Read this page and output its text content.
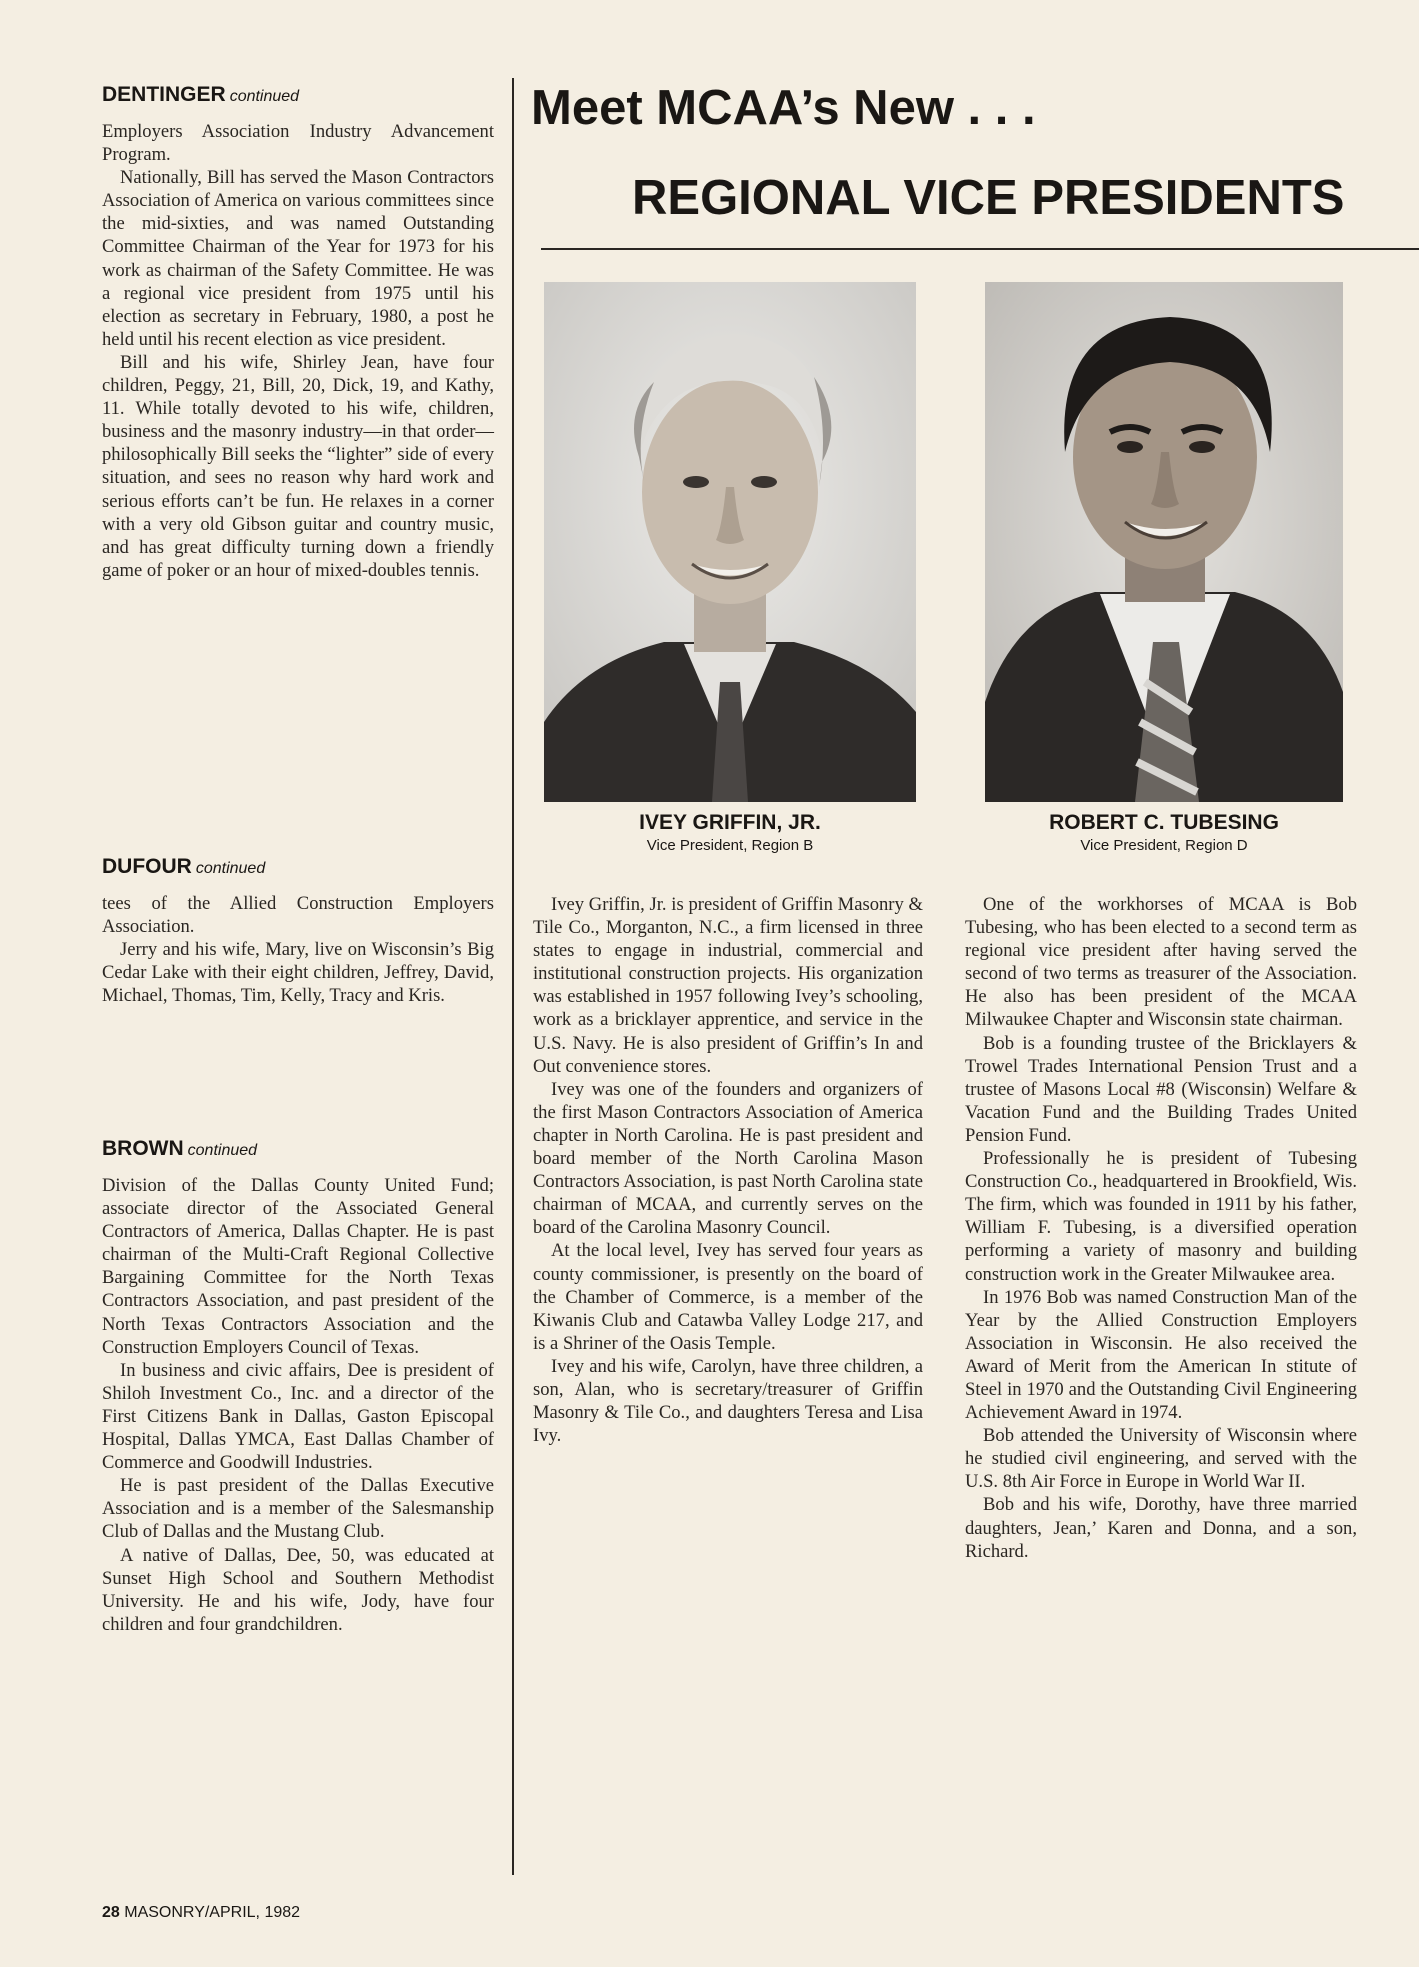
DENTINGER continued

Employers Association Industry Advancement Program.

Nationally, Bill has served the Mason Contractors Association of America on various committees since the mid-sixties, and was named Outstanding Committee Chairman of the Year for 1973 for his work as chairman of the Safety Committee. He was a regional vice president from 1975 until his election as secretary in February, 1980, a post he held until his recent election as vice president.

Bill and his wife, Shirley Jean, have four children, Peggy, 21, Bill, 20, Dick, 19, and Kathy, 11. While totally devoted to his wife, children, business and the masonry industry—in that order—philosophically Bill seeks the “lighter” side of every situation, and sees no reason why hard work and serious efforts can’t be fun. He relaxes in a corner with a very old Gibson guitar and country music, and has great difficulty turning down a friendly game of poker or an hour of mixed-doubles tennis.

DUFOUR continued

tees of the Allied Construction Employers Association.

Jerry and his wife, Mary, live on Wisconsin’s Big Cedar Lake with their eight children, Jeffrey, David, Michael, Thomas, Tim, Kelly, Tracy and Kris.

BROWN continued

Division of the Dallas County United Fund; associate director of the Associated General Contractors of America, Dallas Chapter. He is past chairman of the Multi-Craft Regional Collective Bargaining Committee for the North Texas Contractors Association, and past president of the North Texas Contractors Association and the Construction Employers Council of Texas.

In business and civic affairs, Dee is president of Shiloh Investment Co., Inc. and a director of the First Citizens Bank in Dallas, Gaston Episcopal Hospital, Dallas YMCA, East Dallas Chamber of Commerce and Goodwill Industries.

He is past president of the Dallas Executive Association and is a member of the Salesmanship Club of Dallas and the Mustang Club.

A native of Dallas, Dee, 50, was educated at Sunset High School and Southern Methodist University. He and his wife, Jody, have four children and four grandchildren.

Meet MCAA’s New . . .
REGIONAL VICE PRESIDENTS
IVEY GRIFFIN, JR.
Vice President, Region B
ROBERT C. TUBESING
Vice President, Region D

Ivey Griffin, Jr. is president of Griffin Masonry & Tile Co., Morganton, N.C., a firm licensed in three states to engage in industrial, commercial and institutional construction projects. His organization was established in 1957 following Ivey’s schooling, work as a bricklayer apprentice, and service in the U.S. Navy. He is also president of Griffin’s In and Out convenience stores.

Ivey was one of the founders and organizers of the first Mason Contractors Association of America chapter in North Carolina. He is past president and board member of the North Carolina Mason Contractors Association, is past North Carolina state chairman of MCAA, and currently serves on the board of the Carolina Masonry Council.

At the local level, Ivey has served four years as county commissioner, is presently on the board of the Chamber of Commerce, is a member of the Kiwanis Club and Catawba Valley Lodge 217, and is a Shriner of the Oasis Temple.

Ivey and his wife, Carolyn, have three children, a son, Alan, who is secretary/treasurer of Griffin Masonry & Tile Co., and daughters Teresa and Lisa Ivy.

One of the workhorses of MCAA is Bob Tubesing, who has been elected to a second term as regional vice president after having served the second of two terms as treasurer of the Association. He also has been president of the MCAA Milwaukee Chapter and Wisconsin state chairman.

Bob is a founding trustee of the Bricklayers & Trowel Trades International Pension Trust and a trustee of Masons Local #8 (Wisconsin) Welfare & Vacation Fund and the Building Trades United Pension Fund.

Professionally he is president of Tubesing Construction Co., headquartered in Brookfield, Wis. The firm, which was founded in 1911 by his father, William F. Tubesing, is a diversified operation performing a variety of masonry and building construction work in the Greater Milwaukee area.

In 1976 Bob was named Construction Man of the Year by the Allied Construction Employers Association in Wisconsin. He also received the Award of Merit from the American In stitute of Steel in 1970 and the Outstanding Civil Engineering Achievement Award in 1974.

Bob attended the University of Wisconsin where he studied civil engineering, and served with the U.S. 8th Air Force in Europe in World War II.

Bob and his wife, Dorothy, have three married daughters, Jean,’ Karen and Donna, and a son, Richard.

28 MASONRY/APRIL, 1982
